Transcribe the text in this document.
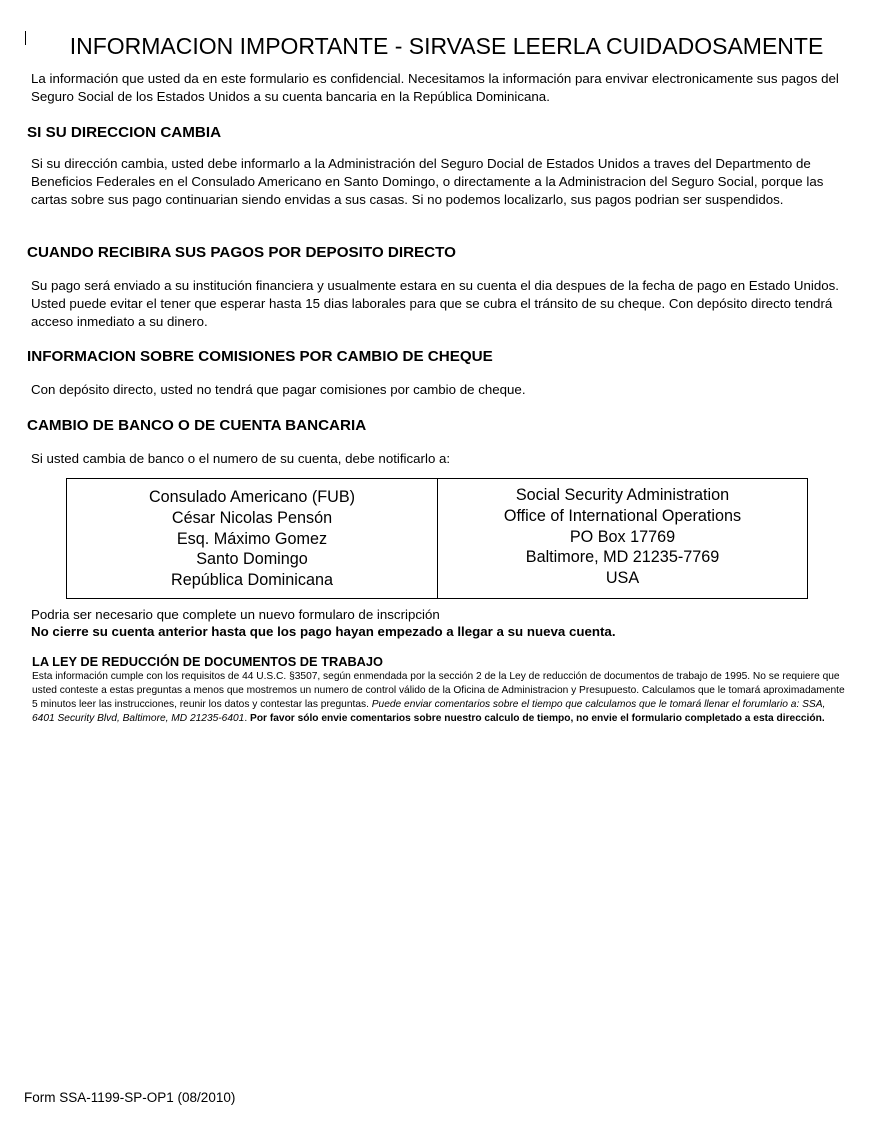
INFORMACION IMPORTANTE - SIRVASE LEERLA CUIDADOSAMENTE
La información que usted da en este formulario es confidencial. Necesitamos la información para envivar electronicamente sus pagos del Seguro Social de los Estados Unidos a su cuenta bancaria en la República Dominicana.
SI SU DIRECCION CAMBIA
Si su dirección cambia, usted debe informarlo a la Administración del Seguro Docial de Estados Unidos a traves del Departmento de Beneficios Federales en el Consulado Americano en Santo Domingo, o directamente a la Administracion del Seguro Social, porque las cartas sobre sus pago continuarian siendo envidas a sus casas. Si no podemos localizarlo, sus pagos podrian ser suspendidos.
CUANDO RECIBIRA SUS PAGOS POR DEPOSITO DIRECTO
Su pago será enviado a su institución financiera y usualmente estara en su cuenta el dia despues de la fecha de pago en Estado Unidos. Usted puede evitar el tener que esperar hasta 15 dias laborales para que se cubra el tránsito de su cheque. Con depósito directo tendrá acceso inmediato a su dinero.
INFORMACION SOBRE COMISIONES POR CAMBIO DE CHEQUE
Con depósito directo, usted no tendrá que pagar comisiones por cambio de cheque.
CAMBIO DE BANCO O DE CUENTA BANCARIA
Si usted cambia de banco o el numero de su cuenta, debe notificarlo a:
Consulado Americano (FUB)
César Nicolas Pensón
Esq. Máximo Gomez
Santo Domingo
República Dominicana
Social Security Administration
Office of International Operations
PO Box 17769
Baltimore, MD 21235-7769
USA
Podria ser necesario que complete un nuevo formularo de inscripción
No cierre su cuenta anterior hasta que los pago hayan empezado a llegar a su nueva cuenta.
LA LEY DE REDUCCIÓN DE DOCUMENTOS DE TRABAJO
Esta información cumple con los requisitos de 44 U.S.C. §3507, según enmendada por la sección 2 de la Ley de reducción de documentos de trabajo de 1995. No se requiere que usted conteste a estas preguntas a menos que mostremos un numero de control válido de la Oficina de Administracion y Presupuesto. Calculamos que le tomará aproximadamente 5 minutos leer las instrucciones, reunir los datos y contestar las preguntas. Puede enviar comentarios sobre el tiempo que calculamos que le tomará llenar el forumlario a: SSA, 6401 Security Blvd, Baltimore, MD 21235-6401. Por favor sólo envie comentarios sobre nuestro calculo de tiempo, no envie el formulario completado a esta dirección.
Form SSA-1199-SP-OP1 (08/2010)
